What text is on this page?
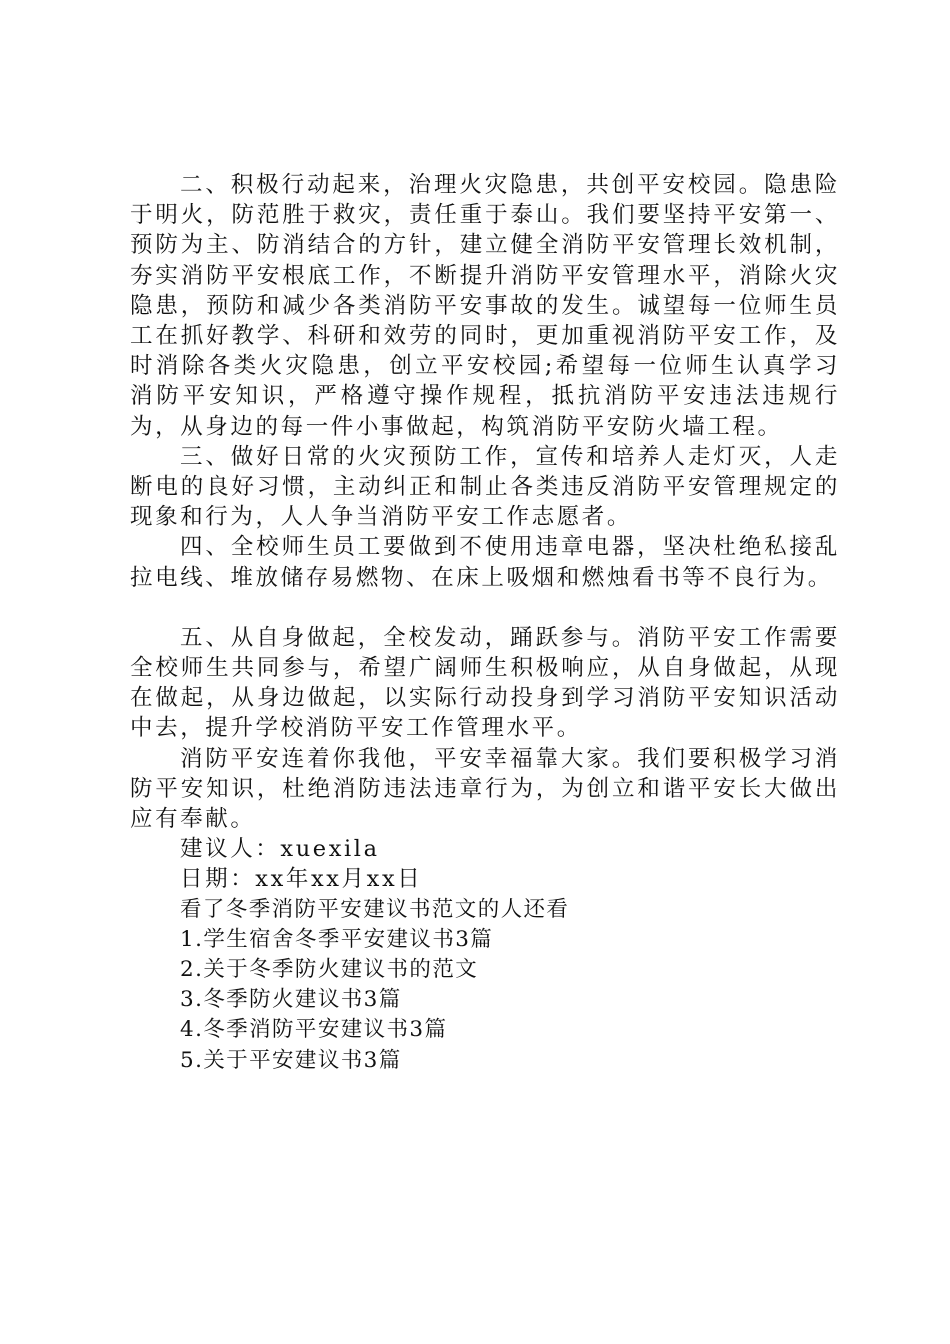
二、积极行动起来，治理火灾隐患，共创平安校园。隐患险于明火，防范胜于救灾，责任重于泰山。我们要坚持平安第一、预防为主、防消结合的方针，建立健全消防平安管理长效机制，夯实消防平安根底工作，不断提升消防平安管理水平，消除火灾隐患，预防和减少各类消防平安事故的发生。诚望每一位师生员工在抓好教学、科研和效劳的同时，更加重视消防平安工作，及时消除各类火灾隐患，创立平安校园;希望每一位师生认真学习消防平安知识，严格遵守操作规程，抵抗消防平安违法违规行为，从身边的每一件小事做起，构筑消防平安防火墙工程。

三、做好日常的火灾预防工作，宣传和培养人走灯灭，人走断电的良好习惯，主动纠正和制止各类违反消防平安管理规定的现象和行为，人人争当消防平安工作志愿者。

四、全校师生员工要做到不使用违章电器，坚决杜绝私接乱拉电线、堆放储存易燃物、在床上吸烟和燃烛看书等不良行为。

五、从自身做起，全校发动，踊跃参与。消防平安工作需要全校师生共同参与，希望广阔师生积极响应，从自身做起，从现在做起，从身边做起，以实际行动投身到学习消防平安知识活动中去，提升学校消防平安工作管理水平。

消防平安连着你我他，平安幸福靠大家。我们要积极学习消防平安知识，杜绝消防违法违章行为，为创立和谐平安长大做出应有奉献。

建议人：xuexila

日期：xx年xx月xx日

看了冬季消防平安建议书范文的人还看

1.学生宿舍冬季平安建议书3篇

2.关于冬季防火建议书的范文

3.冬季防火建议书3篇

4.冬季消防平安建议书3篇

5.关于平安建议书3篇
